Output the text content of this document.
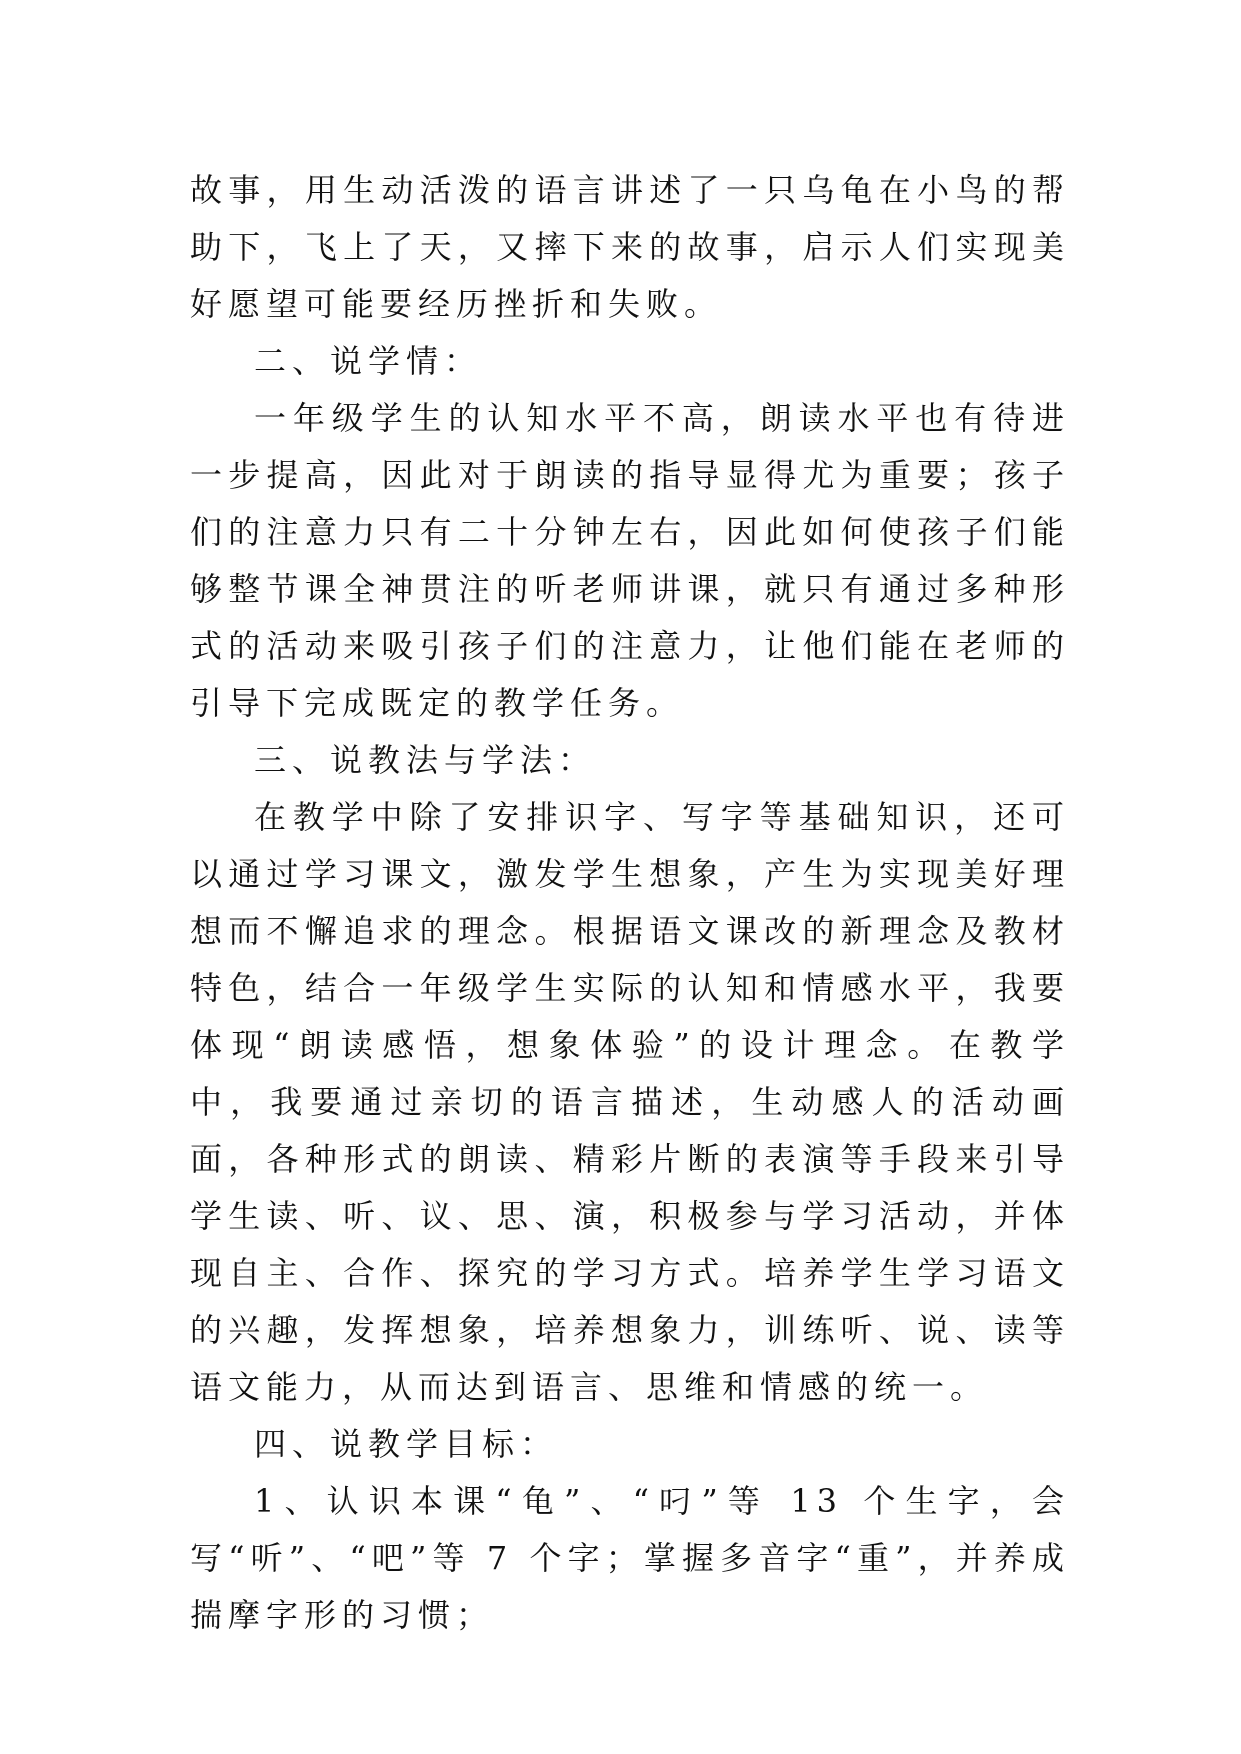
故事，用生动活泼的语言讲述了一只乌龟在小鸟的帮助下，飞上了天，又摔下来的故事，启示人们实现美好愿望可能要经历挫折和失败。

二、说学情：

一年级学生的认知水平不高，朗读水平也有待进一步提高，因此对于朗读的指导显得尤为重要；孩子们的注意力只有二十分钟左右，因此如何使孩子们能够整节课全神贯注的听老师讲课，就只有通过多种形式的活动来吸引孩子们的注意力，让他们能在老师的引导下完成既定的教学任务。

三、说教法与学法：

在教学中除了安排识字、写字等基础知识，还可以通过学习课文，激发学生想象，产生为实现美好理想而不懈追求的理念。根据语文课改的新理念及教材特色，结合一年级学生实际的认知和情感水平，我要体现“朗读感悟，想象体验”的设计理念。在教学中，我要通过亲切的语言描述，生动感人的活动画面，各种形式的朗读、精彩片断的表演等手段来引导学生读、听、议、思、演，积极参与学习活动，并体现自主、合作、探究的学习方式。培养学生学习语文的兴趣，发挥想象，培养想象力，训练听、说、读等语文能力，从而达到语言、思维和情感的统一。

四、说教学目标：

1、认识本课“龟”、“叼”等 13 个生字，会写“听”、“吧”等 7 个字；掌握多音字“重”，并养成揣摩字形的习惯；
